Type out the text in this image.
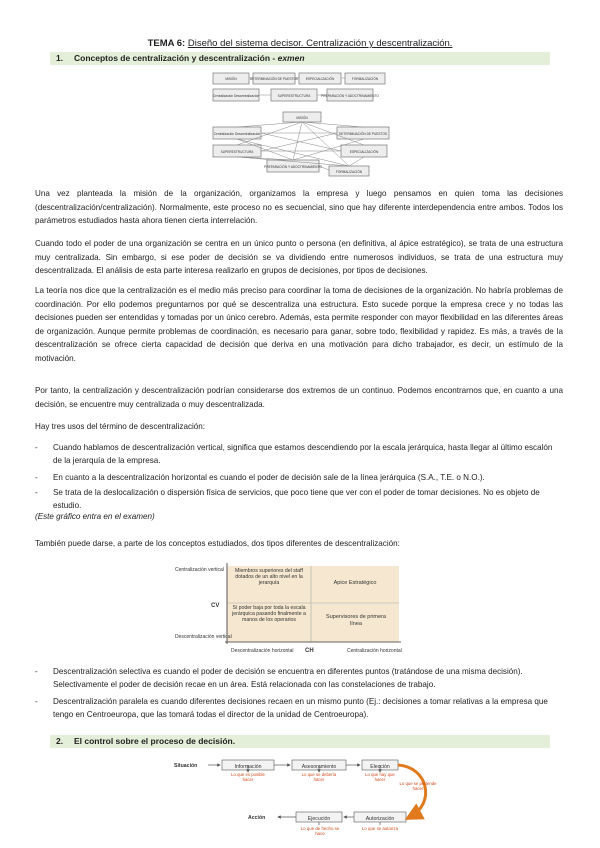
TEMA 6: Diseño del sistema decisor. Centralización y descentralización.
1. Conceptos de centralización y descentralización - exmen
MISIÓN	DETERMINACIÓN DE PUESTOS ESPECIALIZACIÓN	FORMALIZACIÓN
Centralización Descentralización	SUPERESTRUCTURA	PREPARACIÓN Y ADOCTRINAMIENTO
MISIÓN
Centralización Descentralización
SUPERESTRUCTURA
DETERMINACIÓN DE PUESTOS
ESPECIALIZACIÓN
PREPARACIÓN Y ADOCTRINAMIENTO
FORMALIZACIÓN

Una vez planteada la misión de la organización, organizamos la empresa y luego pensamos en quien toma las decisiones (descentralización/centralización). Normalmente, este proceso no es secuencial, sino que hay diferente interdependencia entre ambos. Todos los parámetros estudiados hasta ahora tienen cierta interrelación.

Cuando todo el poder de una organización se centra en un único punto o persona (en definitiva, al ápice estratégico), se trata de una estructura muy centralizada. Sin embargo, si ese poder de decisión se va dividiendo entre numerosos individuos, se trata de una estructura muy descentralizada. El análisis de esta parte interesa realizarlo en grupos de decisiones, por tipos de decisiones.

La teoría nos dice que la centralización es el medio más preciso para coordinar la toma de decisiones de la organización. No habría problemas de coordinación. Por ello podemos preguntarnos por qué se descentraliza una estructura. Esto sucede porque la empresa crece y no todas las decisiones pueden ser entendidas y tomadas por un único cerebro. Además, esta permite responder con mayor flexibilidad en las diferentes áreas de organización. Aunque permite problemas de coordinación, es necesario para ganar, sobre todo, flexibilidad y rapidez. Es más, a través de la descentralización se ofrece cierta capacidad de decisión que deriva en una motivación para dicho trabajador, es decir, un estímulo de la motivación.

Por tanto, la centralización y descentralización podrían considerarse dos extremos de un continuo. Podemos encontrarnos que, en cuanto a una decisión, se encuentre muy centralizada o muy descentralizada.

Hay tres usos del término de descentralización:

- Cuando hablamos de descentralización vertical, significa que estamos descendiendo por la escala jerárquica, hasta llegar al último escalón de la jerarquía de la empresa.
- En cuanto a la descentralización horizontal es cuando el poder de decisión sale de la línea jerárquica (S.A., T.E. o N.O.).
- Se trata de la deslocalización o dispersión física de servicios, que poco tiene que ver con el poder de tomar decisiones. No es objeto de estudio.

(Este gráfico entra en el examen)

También puede darse, a parte de los conceptos estudiados, dos tipos diferentes de descentralización:

Centralización vertical
CV
Descentralización vertical
Descentralización horizontal CH	Centralización horizontal
Miembros superiores del staff dotados de un alto nivel en la jerarquía	Ápice Estratégico
Si poder baja por toda la escala jerárquica pasando finalmente a manos de los operarios	Supervisores de primera línea
- Descentralización selectiva es cuando el poder de decisión se encuentra en diferentes puntos (tratándose de una misma decisión). Selectivamente el poder de decisión recae en un área. Está relacionada con las constelaciones de trabajo.
- Descentralización paralela es cuando diferentes decisiones recaen en un mismo punto (Ej.: decisiones a tomar relativas a la empresa que tengo en Centroeuropa, que las tomará todas el director de la unidad de Centroeuropa).
2. El control sobre el proceso de decisión.
Situación
Acción
Información	Asesoramiento	Elección
Ejecución	Autorización
Lo que es posible hacer
Lo que se debería hacer
Lo que hay que hacer
Lo que se pretende hacer
Lo que de hecho se hace
Lo que se autoriza
